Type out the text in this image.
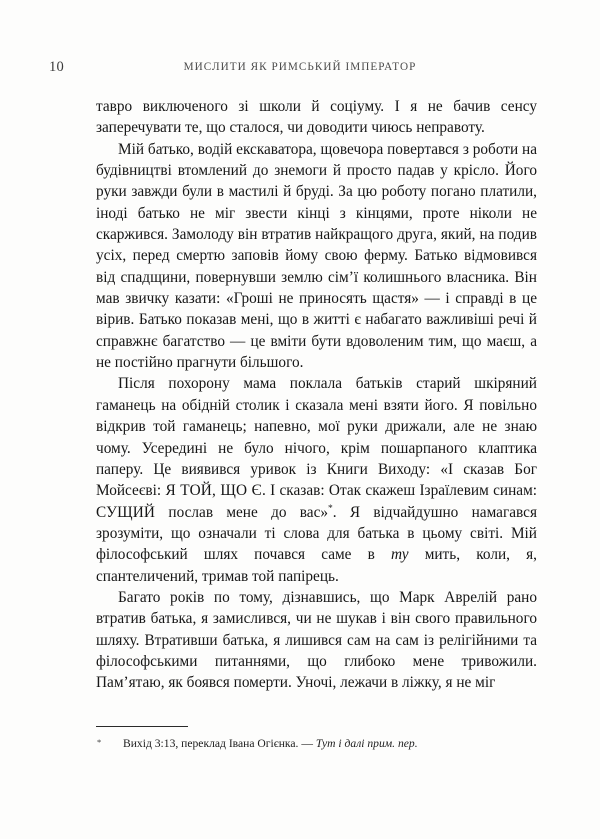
10	МИСЛИТИ ЯК РИМСЬКИЙ ІМПЕРАТОР

тавро виключеного зі школи й соціуму. І я не бачив сенсу заперечувати те, що сталося, чи доводити чиюсь неправоту.

Мій батько, водій екскаватора, щовечора повертався з роботи на будівництві втомлений до знемоги й просто падав у крісло. Його руки завжди були в мастилі й бруді. За цю роботу погано платили, іноді батько не міг звести кінці з кінцями, проте ніколи не скаржився. Замолоду він втратив найкращого друга, який, на подив усіх, перед смертю заповів йому свою ферму. Батько відмовився від спадщини, повернувши землю сім’ї колишнього власника. Він мав звичку казати: «Гроші не приносять щастя» — і справді в це вірив. Батько показав мені, що в житті є набагато важливіші речі й справжнє багатство — це вміти бути вдоволеним тим, що маєш, а не постійно прагнути більшого.

Після похорону мама поклала батьків старий шкіряний гаманець на обідній столик і сказала мені взяти його. Я повільно відкрив той гаманець; напевно, мої руки дрижали, але не знаю чому. Усередині не було нічого, крім пошарпаного клаптика паперу. Це виявився уривок із Книги Виходу: «І сказав Бог Мойсеєві: Я ТОЙ, ЩО Є. І сказав: Отак скажеш Ізраїлевим синам: СУЩИЙ послав мене до вас»*. Я відчайдушно намагався зрозуміти, що означали ті слова для батька в цьому світі. Мій філософський шлях почався саме в ту мить, коли, я, спантеличений, тримав той папірець.

Багато років по тому, дізнавшись, що Марк Аврелій рано втратив батька, я замислився, чи не шукав і він свого правильного шляху. Втративши батька, я лишився сам на сам із релігійними та філософськими питаннями, що глибоко мене тривожили. Пам’ятаю, як боявся померти. Уночі, лежачи в ліжку, я не міг

* Вихід 3:13, переклад Івана Огієнка. — Тут і далі прим. пер.
